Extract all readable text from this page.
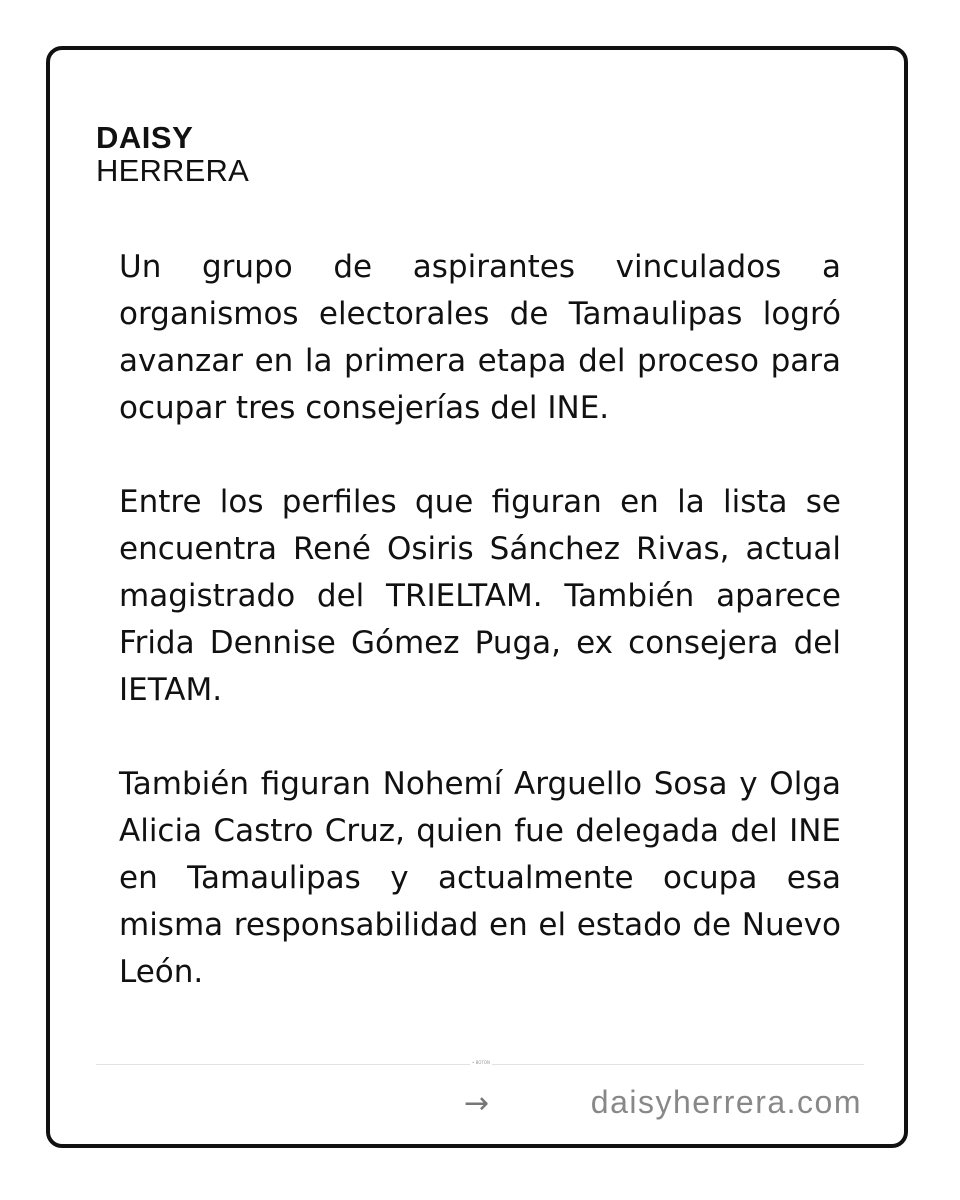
DAISY
HERRERA

Un grupo de aspirantes vinculados a organismos electorales de Tamaulipas logró avanzar en la primera etapa del proceso para ocupar tres consejerías del INE.

Entre los perfiles que figuran en la lista se encuentra René Osiris Sánchez Rivas, actual magistrado del TRIELTAM. También aparece Frida Dennise Gómez Puga, ex consejera del IETAM.

También figuran Nohemí Arguello Sosa y Olga Alicia Castro Cruz, quien fue delegada del INE en Tamaulipas y actualmente ocupa esa misma responsabilidad en el estado de Nuevo León.

• BOTÓN
→	daisyherrera.com
